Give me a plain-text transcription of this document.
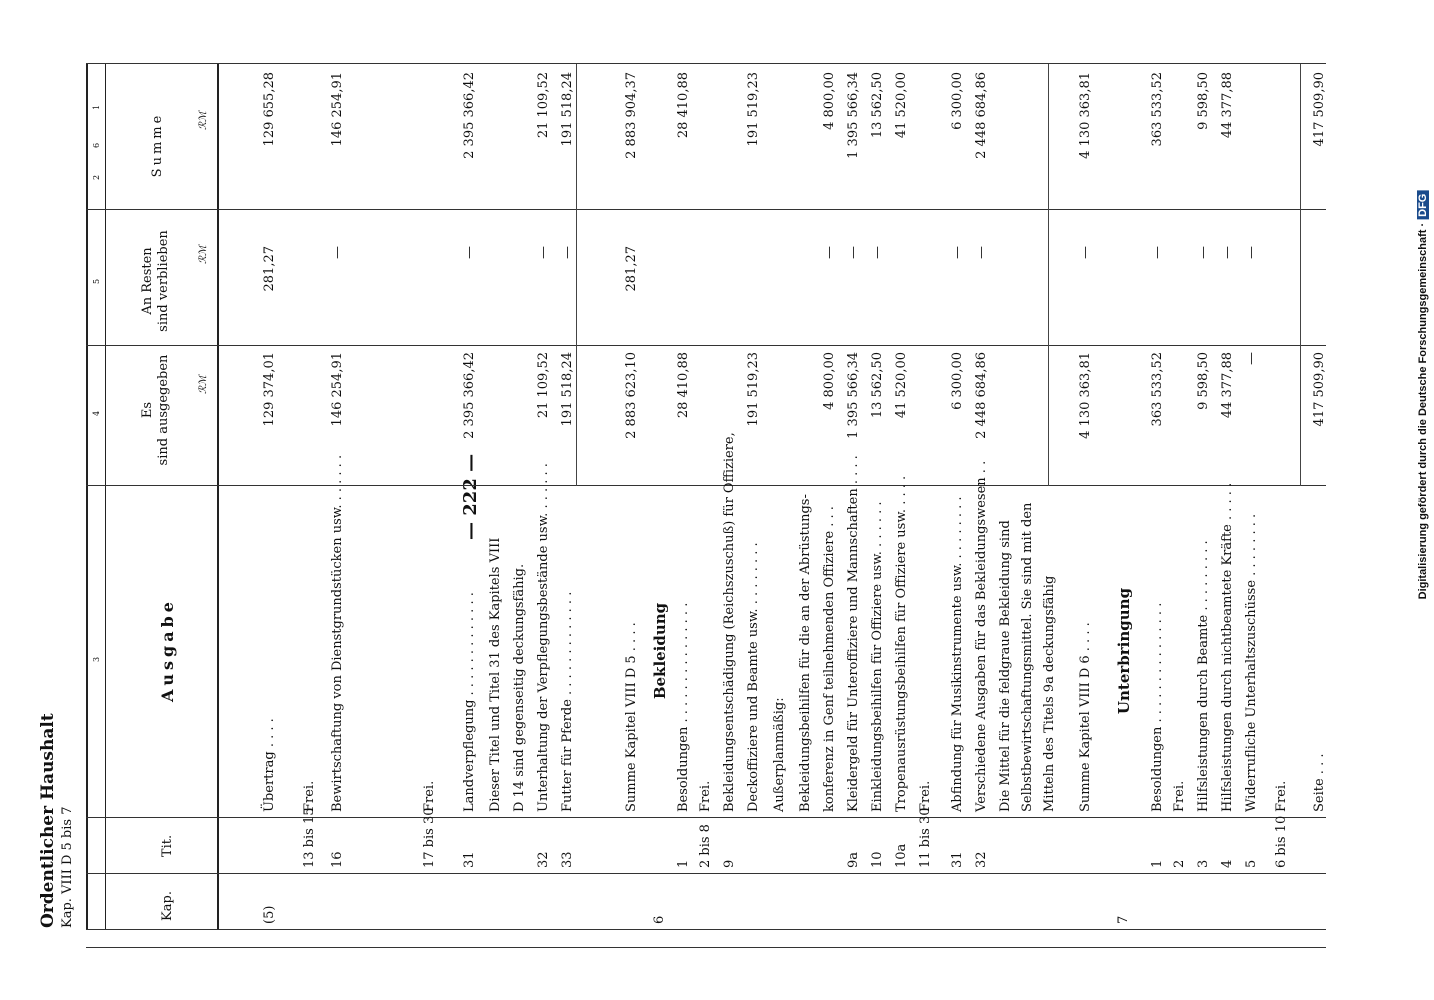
Digitalisierung gefördert durch die Deutsche Forschungsgemeinschaft ·DFG
Ordentlicher Haushalt Kap. VIII D 5 bis 7
— 222 —
1
2
3
4
5
6
Kap.
Tit.
Ausgabe
Es sind ausgegeben
An Resten sind verblieben
Summe
ℛℳ
ℛℳ
ℛℳ
(5)
Übertrag . . . .
129 374,01
281,27
129 655,28
13 bis 15
Frei.
16
Bewirtschaftung von Dienstgrundstücken usw. . . . . . .
146 254,91
—
146 254,91
17 bis 30
Frei.
31
Landverpflegung . . . . . . . . . . . . .
2 395 366,42
—
2 395 366,42
Dieser Titel und Titel 31 des Kapitels VIII D 14 sind gegenseitig deckungsfähig.
32
Unterhaltung der Verpflegungsbestände usw. . . . . . .
21 109,52
—
21 109,52
33
Futter für Pferde . . . . . . . . . . . . .
191 518,24
—
191 518,24
Summe Kapitel VIII D 5 . . . .
2 883 623,10
281,27
2 883 904,37
6
Bekleidung
1
Besoldungen . . . . . . . . . . . . . . .
28 410,88
28 410,88
2 bis 8
Frei.
9
Bekleidungsentschädigung (Reichszuschuß) für Offiziere, Deckoffiziere und Beamte usw. . . . . . . . .
191 519,23
191 519,23
Außerplanmäßig: Bekleidungsbeihilfen für die an der Abrüstungs- konferenz in Genf teilnehmenden Offiziere . . .
4 800,00
—
4 800,00
9a
Kleidergeld für Unteroffiziere und Mannschaften . . . .
1 395 566,34
—
1 395 566,34
10
Einkleidungsbeihilfen für Offiziere usw. . . . . . .
13 562,50
—
13 562,50
10a
Tropenausrüstungsbeihilfen für Offiziere usw. . . . .
41 520,00
41 520,00
11 bis 30
Frei.
31
Abfindung für Musikinstrumente usw. . . . . . . . .
6 300,00
—
6 300,00
32
Verschiedene Ausgaben für das Bekleidungswesen . .
2 448 684,86
—
2 448 684,86
Die Mittel für die feldgraue Bekleidung sind Selbstbewirtschaftungsmittel. Sie sind mit den Mitteln des Titels 9a deckungsfähig Summe Kapitel VIII D 6 . . . .
4 130 363,81
—
4 130 363,81
7
Unterbringung
1
Besoldungen . . . . . . . . . . . . . . .
363 533,52
—
363 533,52
2
Frei.
3
Hilfsleistungen durch Beamte . . . . . . . . .
9 598,50
—
9 598,50
4
Hilfsleistungen durch nichtbeamtete Kräfte . . . . .
44 377,88
—
44 377,88
5
Widerrufliche Unterhaltszuschüsse . . . . . . . .
—
—
6 bis 10
Frei. Seite . . .
417 509,90
417 509,90
